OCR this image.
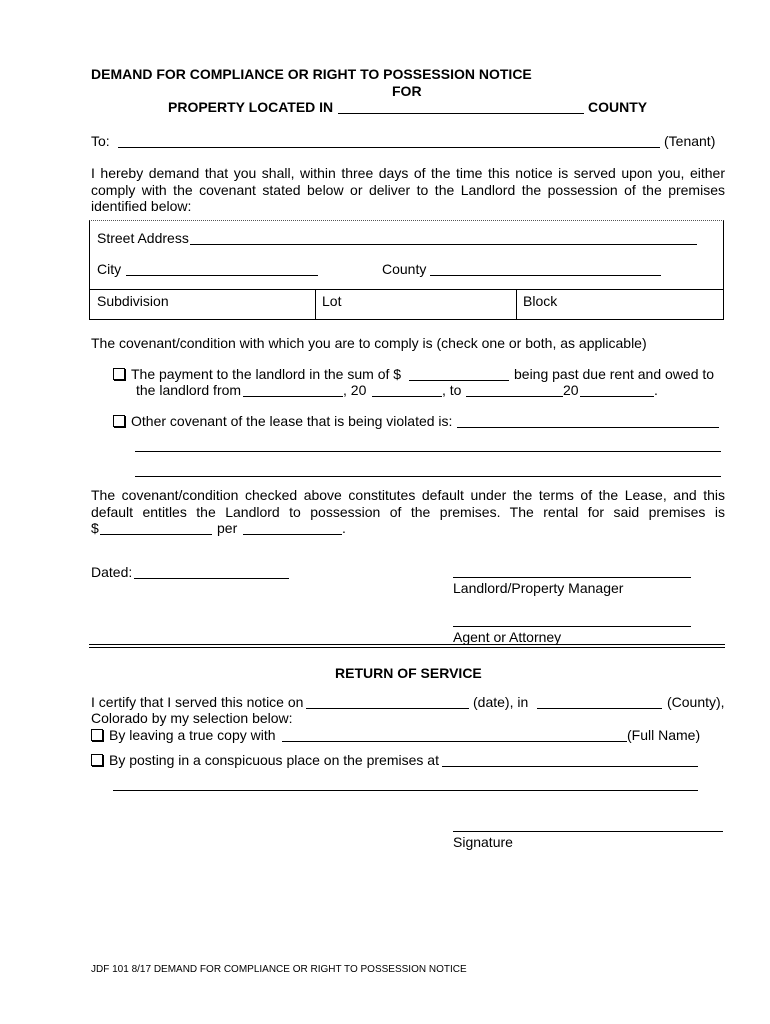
DEMAND FOR COMPLIANCE OR RIGHT TO POSSESSION NOTICE
FOR
PROPERTY LOCATED IN	COUNTY
To:	(Tenant)
I hereby demand that you shall, within three days of the time this notice is served upon you, either
comply with the covenant stated below or deliver to the Landlord the possession of the premises
identified below:
Street Address
City	County
Subdivision	Lot	Block
The covenant/condition with which you are to comply is (check one or both, as applicable)
The payment to the landlord in the sum of $	being past due rent and owed to
the landlord from	, 20	, to	20	.
Other covenant of the lease that is being violated is:
The covenant/condition checked above constitutes default under the terms of the Lease, and this
default entitles the Landlord to possession of the premises. The rental for said premises is
$	per	.
Dated:
Landlord/Property Manager
Agent or Attorney
RETURN OF SERVICE
I certify that I served this notice on	(date), in	(County),
Colorado by my selection below:
By leaving a true copy with	(Full Name)
By posting in a conspicuous place on the premises at
Signature
JDF 101 8/17 DEMAND FOR COMPLIANCE OR RIGHT TO POSSESSION NOTICE
